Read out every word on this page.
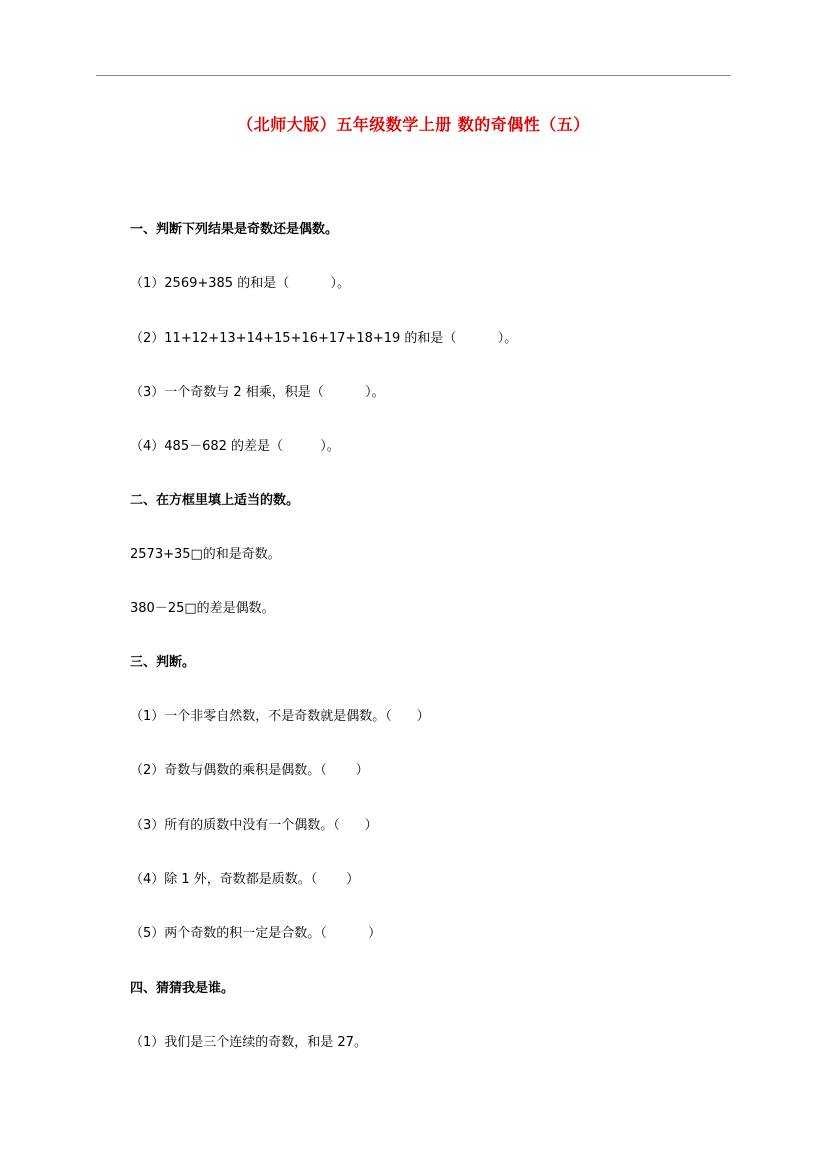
（北师大版）五年级数学上册 数的奇偶性（五）
一、判断下列结果是奇数还是偶数。
（1）2569+385 的和是（          ）。
（2）11+12+13+14+15+16+17+18+19 的和是（          ）。
（3）一个奇数与 2 相乘，积是（          ）。
（4）485－682 的差是（         ）。
二、在方框里填上适当的数。
2573+35□的和是奇数。
380－25□的差是偶数。
三、判断。
（1）一个非零自然数，不是奇数就是偶数。（      ）
（2）奇数与偶数的乘积是偶数。（       ）
（3）所有的质数中没有一个偶数。（      ）
（4）除 1 外，奇数都是质数。（       ）
（5）两个奇数的积一定是合数。（          ）
四、猜猜我是谁。
（1）我们是三个连续的奇数，和是 27。
